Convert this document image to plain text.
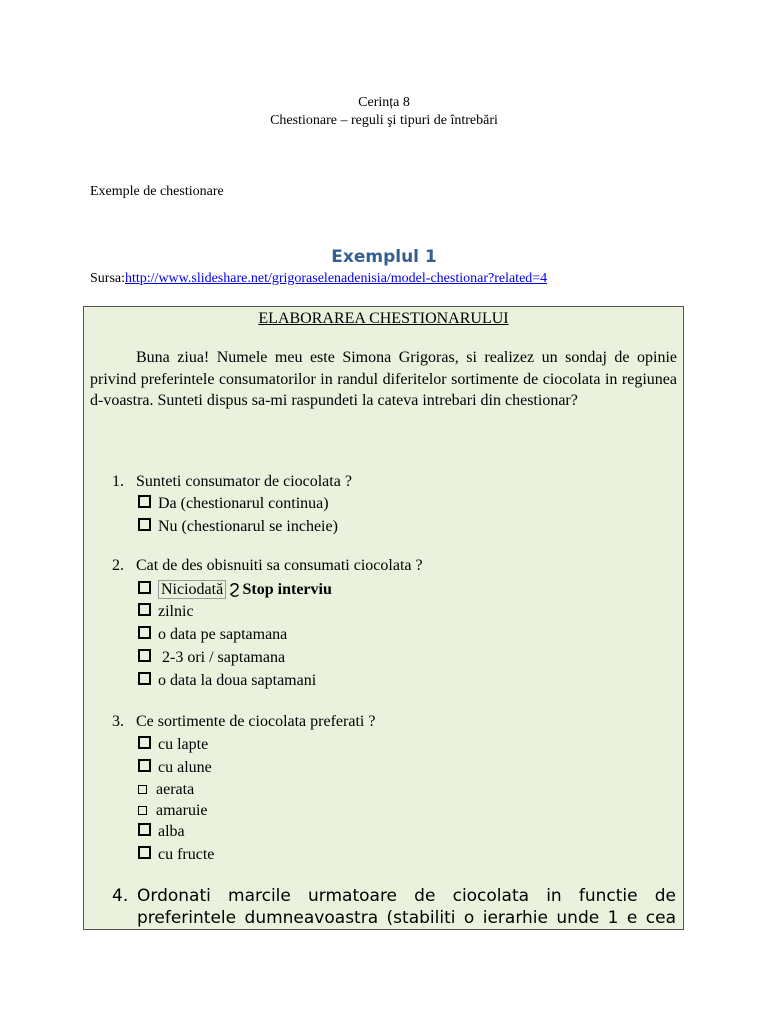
Cerința 8
Chestionare – reguli şi tipuri de întrebări
Exemple de chestionare
Exemplul 1
Sursa:http://www.slideshare.net/grigoraselenadenisia/model-chestionar?related=4
ELABORAREA CHESTIONARULUI
Buna ziua! Numele meu este Simona Grigoras, si realizez un sondaj de opinie privind preferintele consumatorilor in randul diferitelor sortimente de ciocolata in regiunea d-voastra. Sunteti dispus sa-mi raspundeti la cateva intrebari din chestionar?
1. Sunteti consumator de ciocolata ?
Da (chestionarul continua)
Nu (chestionarul se incheie)
2. Cat de des obisnuiti sa consumati ciocolata ?
Niciodată Ϩ Stop interviu
zilnic
o data pe saptamana
2-3 ori / saptamana
o data la doua saptamani
3. Ce sortimente de ciocolata preferati ?
cu lapte
cu alune
aerata
amaruie
alba
cu fructe
4. Ordonati marcile urmatoare de ciocolata in functie de preferintele dumneavoastra (stabiliti o ierarhie unde 1 e cea
